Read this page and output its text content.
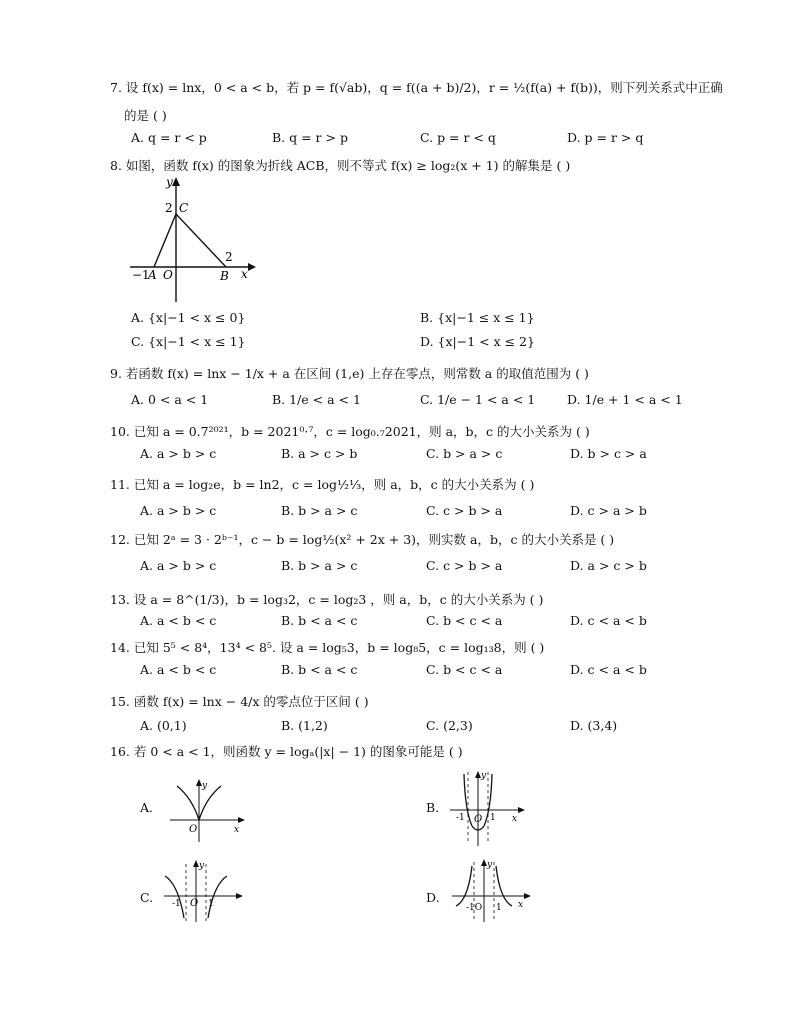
7. 设 f(x) = lnx，0 < a < b，若 p = f(√ab)，q = f((a + b)/2)，r = ½(f(a) + f(b))，则下列关系式中正确
的是 ( )
A. q = r < p	B. q = r > p	C. p = r < q	D. p = r > q
8. 如图，函数 f(x) 的图象为折线 ACB，则不等式 f(x) ≥ log₂(x + 1) 的解集是 ( )
y
2 C
2
−1
A O	B x
A. {x|−1 < x ≤ 0}	B. {x|−1 ≤ x ≤ 1}
C. {x|−1 < x ≤ 1}	D. {x|−1 < x ≤ 2}
9. 若函数 f(x) = lnx − 1/x + a 在区间 (1,e) 上存在零点，则常数 a 的取值范围为 ( )
A. 0 < a < 1	B. 1/e < a < 1	C. 1/e − 1 < a < 1	D. 1/e + 1 < a < 1
10. 已知 a = 0.7²⁰²¹，b = 2021⁰·⁷，c = log₀.₇2021，则 a，b，c 的大小关系为 ( )
A. a > b > c	B. a > c > b	C. b > a > c	D. b > c > a
11. 已知 a = log₂e，b = ln2，c = log½⅓，则 a，b，c 的大小关系为 ( )
A. a > b > c	B. b > a > c	C. c > b > a	D. c > a > b
12. 已知 2ᵃ = 3 · 2ᵇ⁻¹，c − b = log½(x² + 2x + 3)，则实数 a，b，c 的大小关系是 ( )
A. a > b > c	B. b > a > c	C. c > b > a	D. a > c > b
13. 设 a = 8^(1/3)，b = log₃2，c = log₂3 ，则 a，b，c 的大小关系为 ( )
A. a < b < c	B. b < a < c	C. b < c < a	D. c < a < b
14. 已知 5⁵ < 8⁴，13⁴ < 8⁵. 设 a = log₅3，b = log₈5，c = log₁₃8，则 ( )
A. a < b < c	B. b < a < c	C. b < c < a	D. c < a < b
15. 函数 f(x) = lnx − 4/x 的零点位于区间 ( )
A. (0,1)	B. (1,2)	C. (2,3)	D. (3,4)
16. 若 0 < a < 1，则函数 y = logₐ(|x| − 1) 的图象可能是 ( )
A.
y
O	x
B.
-1 O 1
y
x
C. -1 O 1
y
D.
-1O 1
y
x
